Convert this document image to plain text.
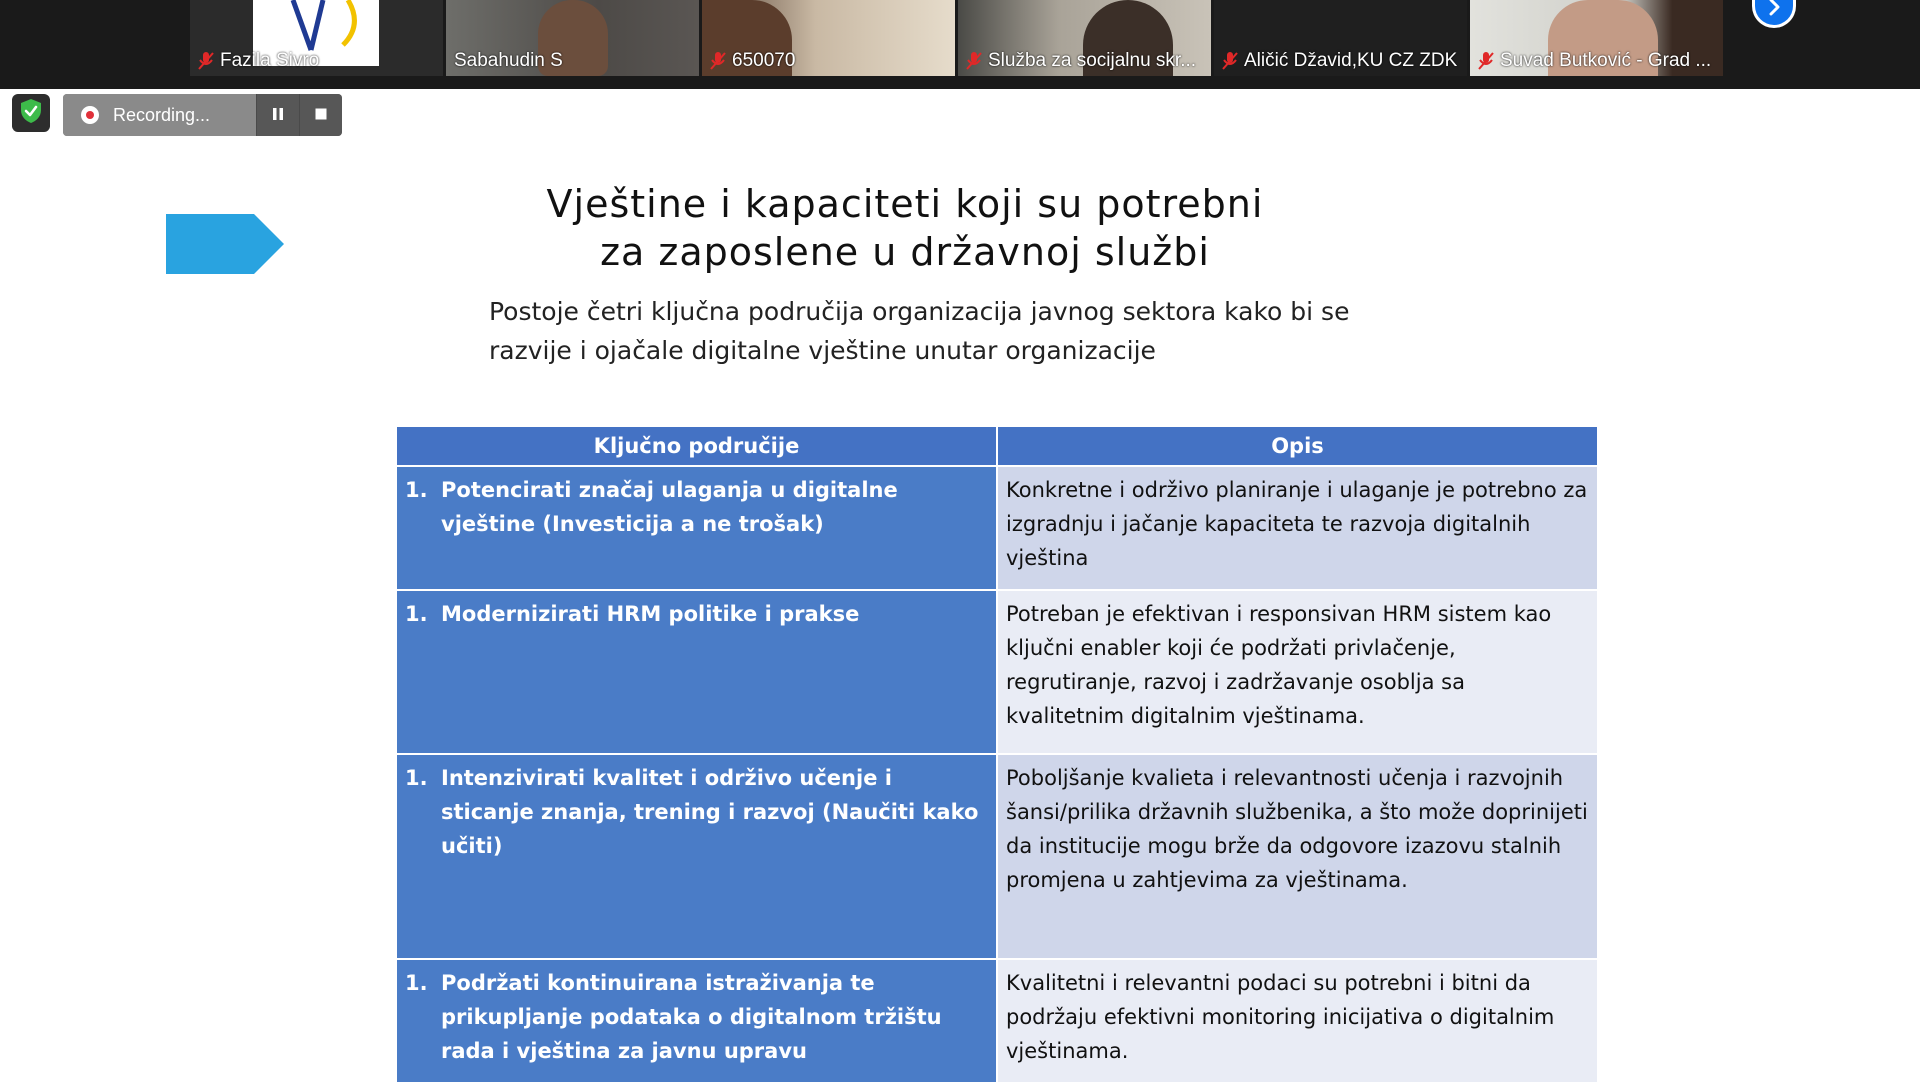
Fazila Sivro	Sabahudin S	650070	Služba za socijalnu skr...	Aličić Džavid,KU CZ ZDK Suvad Butković - Grad ...
Recording...
Vještine i kapaciteti koji su potrebni
za zaposlene u državnoj službi

Postoje četri ključna područija organizacija javnog sektora kako bi se
razvije i ojačale digitalne vještine unutar organizacije

Ključno područije	Opis

1. Potencirati značaj ulaganja u digitalne vještine (Investicija a ne trošak)	Konkretne i održivo planiranje i ulaganje je potrebno za izgradnju i jačanje kapaciteta te razvoja digitalnih vještina

1. Modernizirati HRM politike i prakse	Potreban je efektivan i responsivan HRM sistem kao ključni enabler koji će podržati privlačenje, regrutiranje, razvoj i zadržavanje osoblja sa kvalitetnim digitalnim vještinama.

1. Intenzivirati kvalitet i održivo učenje i sticanje znanja, trening i razvoj (Naučiti kako učiti)	Poboljšanje kvalieta i relevantnosti učenja i razvojnih šansi/prilika državnih službenika, a što može doprinijeti da institucije mogu brže da odgovore izazovu stalnih promjena u zahtjevima za vještinama.

1. Podržati kontinuirana istraživanja te prikupljanje podataka o digitalnom tržištu rada i vještina za javnu upravu	Kvalitetni i relevantni podaci su potrebni i bitni da podržaju efektivni monitoring inicijativa o digitalnim vještinama.
